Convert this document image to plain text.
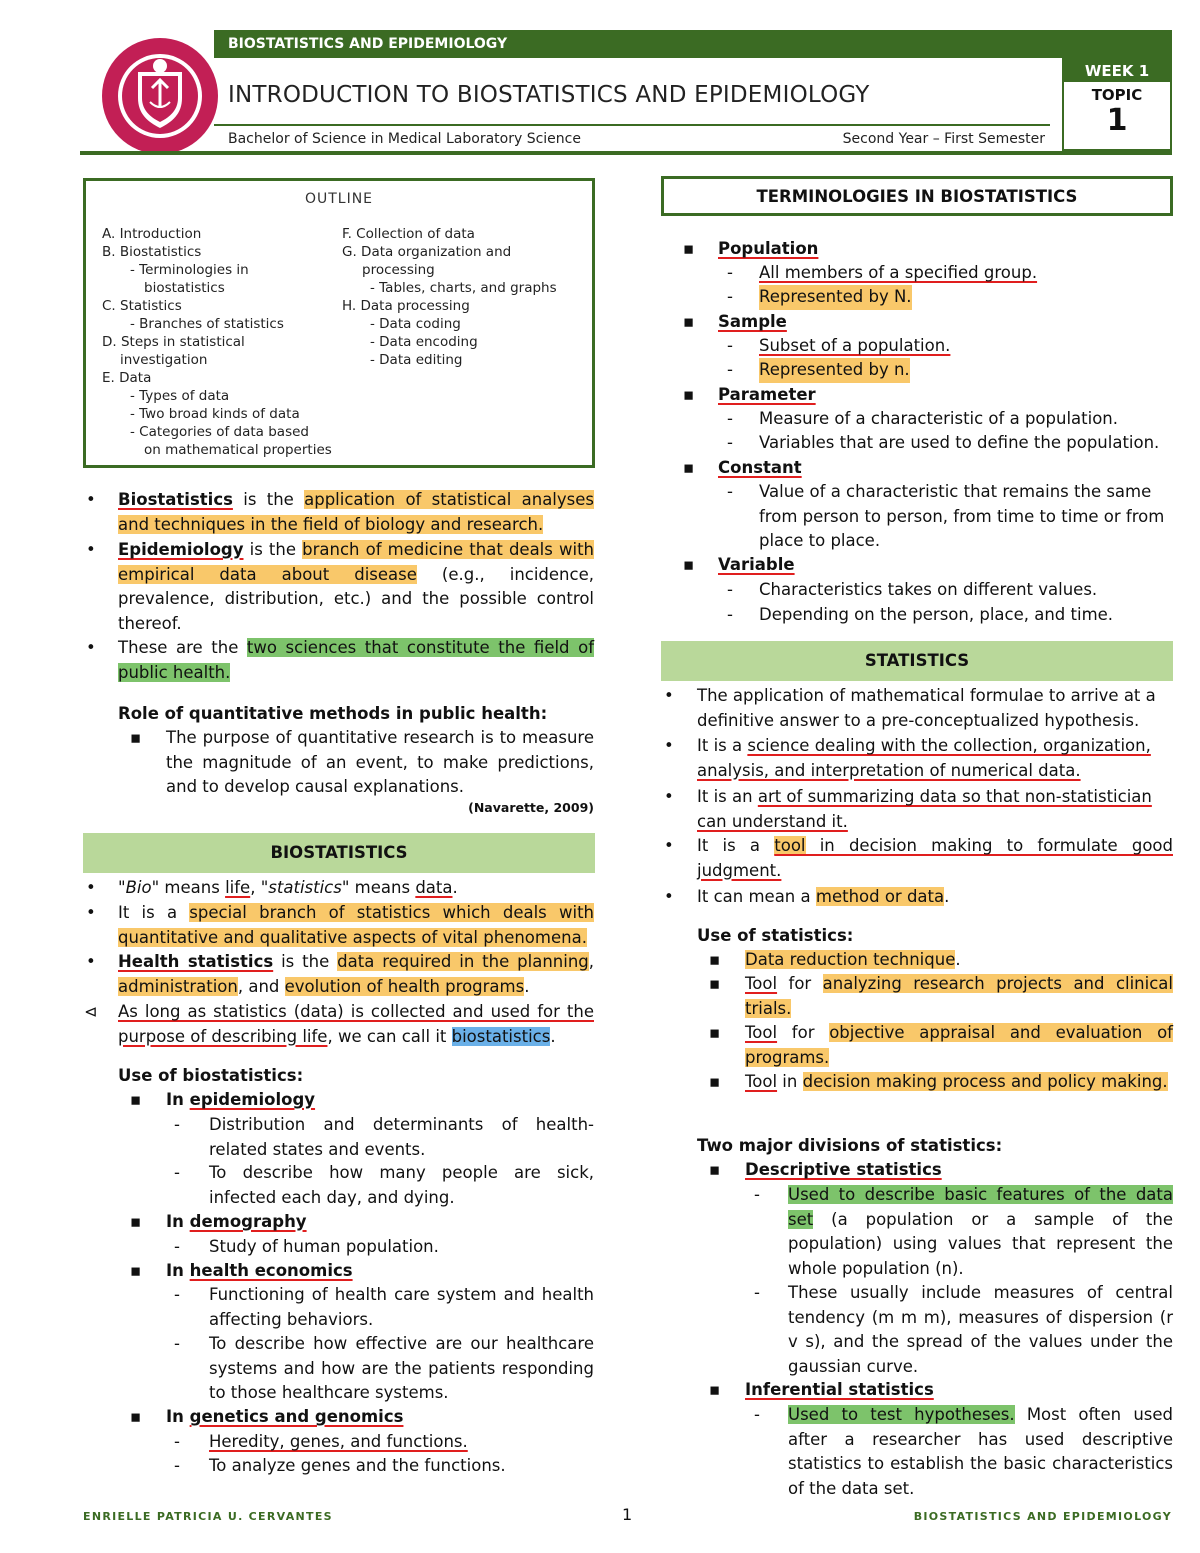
BIOSTATISTICS AND EPIDEMIOLOGY
INTRODUCTION TO BIOSTATISTICS AND EPIDEMIOLOGY
Bachelor of Science in Medical Laboratory Science	Second Year – First Semester
WEEK 1
TOPIC
1
OUTLINE
A. Introduction
B. Biostatistics
- Terminologies in
biostatistics
C. Statistics
- Branches of statistics
D. Steps in statistical
investigation
E. Data
- Types of data
- Two broad kinds of data
- Categories of data based
on mathematical properties
F. Collection of data
G. Data organization and
processing
- Tables, charts, and graphs
H. Data processing
- Data coding
- Data encoding
- Data editing
•
Biostatistics is the application of statistical analyses and techniques in the field of biology and research.
•
Epidemiology is the branch of medicine that deals with empirical data about disease (e.g., incidence, prevalence, distribution, etc.) and the possible control thereof.
•
These are the two sciences that constitute the field of public health.
Role of quantitative methods in public health:
▪ The purpose of quantitative research is to measure the magnitude of an event, to make predictions, and to develop causal explanations.
(Navarette, 2009)
BIOSTATISTICS
•
"Bio" means life, "statistics" means data.
•
It is a special branch of statistics which deals with quantitative and qualitative aspects of vital phenomena.
•
Health statistics is the data required in the planning, administration, and evolution of health programs.
⊲ As long as statistics (data) is collected and used for the purpose of describing life, we can call it biostatistics.
Use of biostatistics:
▪ In epidemiology
- Distribution and determinants of health-related states and events.
- To describe how many people are sick, infected each day, and dying.
▪ In demography
- Study of human population.
▪ In health economics
- Functioning of health care system and health affecting behaviors.
- To describe how effective are our healthcare systems and how are the patients responding to those healthcare systems.
▪ In genetics and genomics
- Heredity, genes, and functions.
- To analyze genes and the functions.
TERMINOLOGIES IN BIOSTATISTICS
▪ Population
- All members of a specified group.
- Represented by N.
▪ Sample
- Subset of a population.
- Represented by n.
▪ Parameter
- Measure of a characteristic of a population.
- Variables that are used to define the population.
▪ Constant
- Value of a characteristic that remains the same from person to person, from time to time or from place to place.
▪ Variable
- Characteristics takes on different values.
- Depending on the person, place, and time.
STATISTICS
•
The application of mathematical formulae to arrive at a definitive answer to a pre-conceptualized hypothesis.
•
It is a science dealing with the collection, organization, analysis, and interpretation of numerical data.
•
It is an art of summarizing data so that non-statistician can understand it.
•
It is a tool in decision making to formulate good judgment.
•
It can mean a method or data.
Use of statistics:
▪ Data reduction technique.
▪ Tool for analyzing research projects and clinical trials.
▪ Tool for objective appraisal and evaluation of programs.
▪ Tool in decision making process and policy making.
Two major divisions of statistics:
▪ Descriptive statistics
- Used to describe basic features of the data set (a population or a sample of the population) using values that represent the whole population (n).
- These usually include measures of central tendency (m m m), measures of dispersion (r v s), and the spread of the values under the gaussian curve.
▪ Inferential statistics
- Used to test hypotheses. Most often used after a researcher has used descriptive statistics to establish the basic characteristics of the data set.
ENRIELLE PATRICIA U. CERVANTES	1	BIOSTATISTICS AND EPIDEMIOLOGY
